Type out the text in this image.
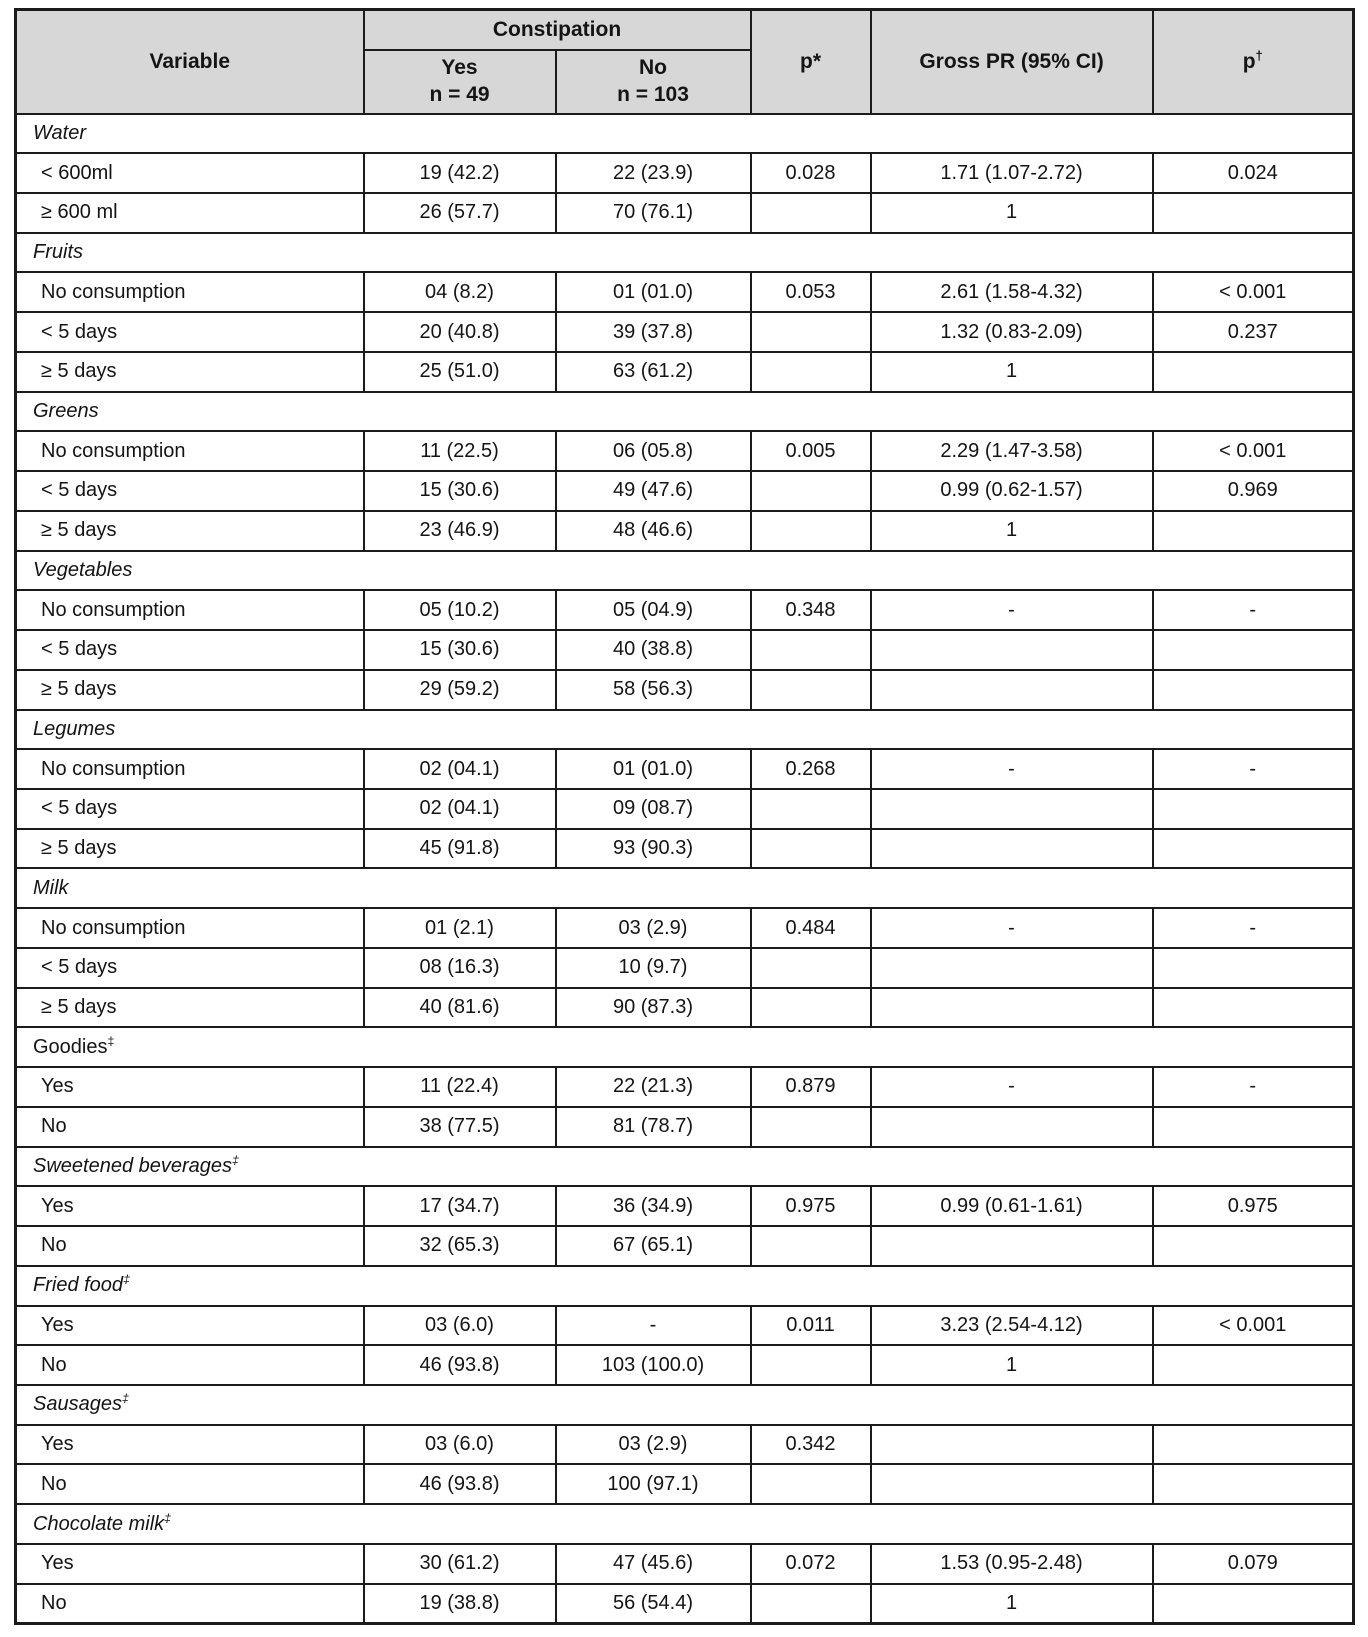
Variable	Constipation		p*	Gross PR (95% CI)	p†

Yes
n = 49

No
n = 103

Water					
< 600ml	19 (42.2)	22 (23.9)	0.028	1.71 (1.07-2.72)	0.024
≥ 600 ml	26 (57.7)	70 (76.1)		1	
Fruits					
No consumption	04 (8.2)	01 (01.0)	0.053	2.61 (1.58-4.32)	< 0.001
< 5 days	20 (40.8)	39 (37.8)		1.32 (0.83-2.09)	0.237
≥ 5 days	25 (51.0)	63 (61.2)		1	
Greens					
No consumption	11 (22.5)	06 (05.8)	0.005	2.29 (1.47-3.58)	< 0.001
< 5 days	15 (30.6)	49 (47.6)		0.99 (0.62-1.57)	0.969
≥ 5 days	23 (46.9)	48 (46.6)		1	
Vegetables					
No consumption	05 (10.2)	05 (04.9)	0.348	-	-
< 5 days	15 (30.6)	40 (38.8)			
≥ 5 days	29 (59.2)	58 (56.3)			
Legumes					
No consumption	02 (04.1)	01 (01.0)	0.268	-	-
< 5 days	02 (04.1)	09 (08.7)			
≥ 5 days	45 (91.8)	93 (90.3)			
Milk					
No consumption	01 (2.1)	03 (2.9)	0.484	-	-
< 5 days	08 (16.3)	10 (9.7)			
≥ 5 days	40 (81.6)	90 (87.3)			
Goodies‡
Yes	11 (22.4)	22 (21.3)	0.879	-	-
No	38 (77.5)	81 (78.7)			
Sweetened beverages‡
Yes	17 (34.7)	36 (34.9)	0.975	0.99 (0.61-1.61)	0.975
No	32 (65.3)	67 (65.1)			
Fried food‡
Yes	03 (6.0)	-	0.011	3.23 (2.54-4.12)	< 0.001
No	46 (93.8)	103 (100.0)		1	
Sausages‡
Yes	03 (6.0)	03 (2.9)	0.342		
No	46 (93.8)	100 (97.1)			
Chocolate milk‡
Yes	30 (61.2)	47 (45.6)	0.072	1.53 (0.95-2.48)	0.079
No	19 (38.8)	56 (54.4)		1	
